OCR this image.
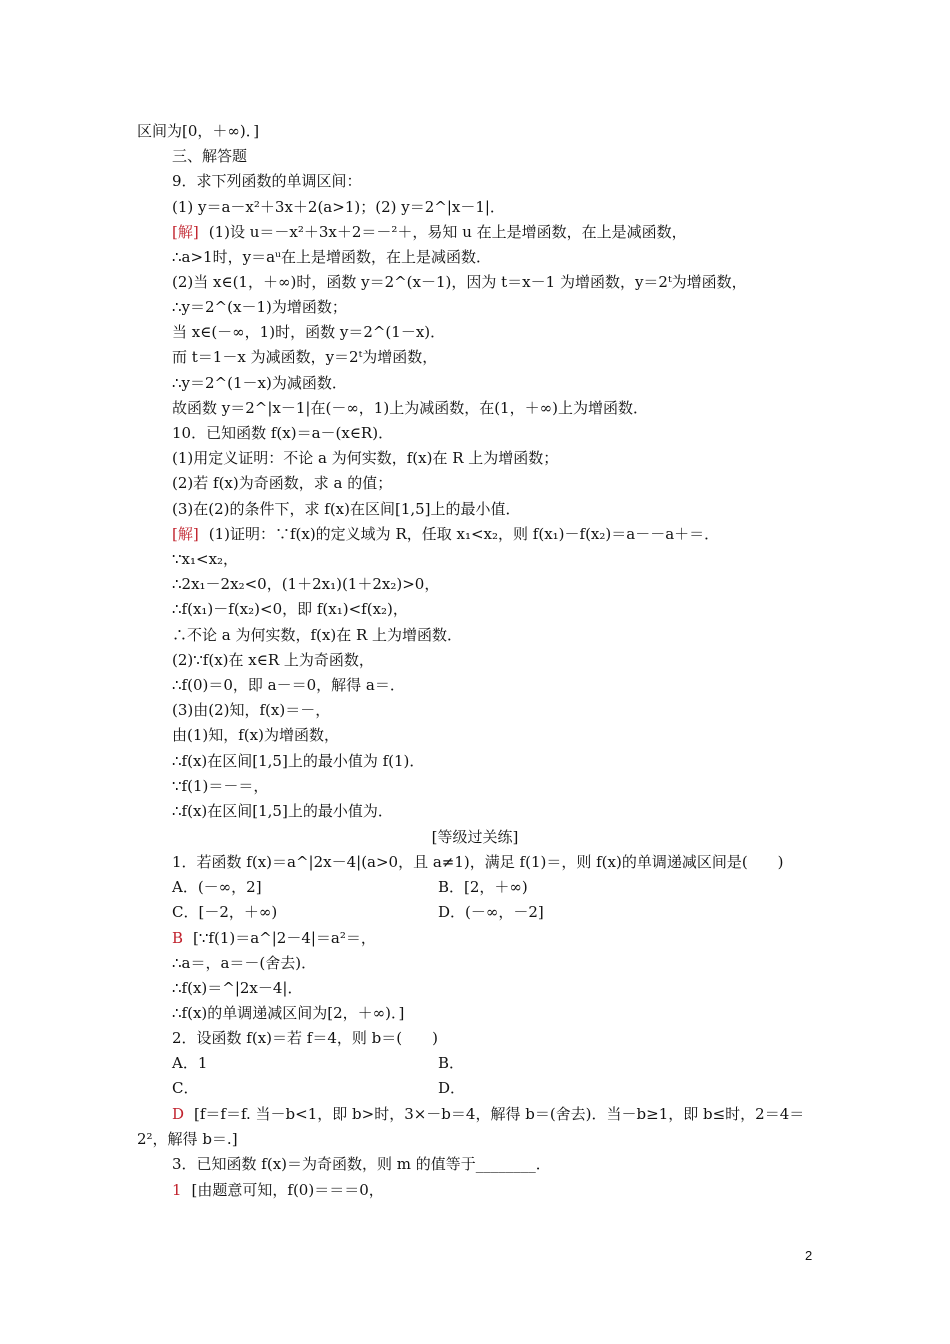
区间为[0，＋∞)．]
三、解答题
9．求下列函数的单调区间：
(1) y＝a－x²＋3x＋2(a>1)；(2) y＝2^|x－1|．
[解] (1)设 u＝－x²＋3x＋2＝－²＋，易知 u 在上是增函数，在上是减函数，
∴a>1时，y＝aᵘ在上是增函数，在上是减函数．
(2)当 x∈(1，＋∞)时，函数 y＝2^(x－1)，因为 t＝x－1 为增函数，y＝2ᵗ为增函数，
∴y＝2^(x－1)为增函数；
当 x∈(－∞，1)时，函数 y＝2^(1－x)．
而 t＝1－x 为减函数，y＝2ᵗ为增函数，
∴y＝2^(1－x)为减函数．
故函数 y＝2^|x－1|在(－∞，1)上为减函数，在(1，＋∞)上为增函数．
10．已知函数 f(x)＝a－(x∈R)．
(1)用定义证明：不论 a 为何实数，f(x)在 R 上为增函数；
(2)若 f(x)为奇函数，求 a 的值；
(3)在(2)的条件下，求 f(x)在区间[1,5]上的最小值．
[解] (1)证明：∵f(x)的定义域为 R，任取 x₁<x₂，则 f(x₁)－f(x₂)＝a－－a＋＝．
∵x₁<x₂，
∴2x₁－2x₂<0，(1＋2x₁)(1＋2x₂)>0，
∴f(x₁)－f(x₂)<0，即 f(x₁)<f(x₂)，
∴不论 a 为何实数，f(x)在 R 上为增函数．
(2)∵f(x)在 x∈R 上为奇函数，
∴f(0)＝0，即 a－＝0，解得 a＝．
(3)由(2)知，f(x)＝－，
由(1)知，f(x)为增函数，
∴f(x)在区间[1,5]上的最小值为 f(1)．
∵f(1)＝－＝，
∴f(x)在区间[1,5]上的最小值为．
1．若函数 f(x)＝a^|2x－4|(a>0，且 a≠1)，满足 f(1)＝，则 f(x)的单调递减区间是(　　)
B [∵f(1)＝a^|2－4|＝a²＝，
∴a＝，a＝－(舍去)．
∴f(x)＝^|2x－4|．
∴f(x)的单调递减区间为[2，＋∞)．]
2．设函数 f(x)＝若 f＝4，则 b＝(　　)
D [f＝f＝f. 当－b<1，即 b>时，3×－b＝4，解得 b＝(舍去)．当－b≥1，即 b≤时，2＝4＝
2²，解得 b＝.]
3．已知函数 f(x)＝为奇函数，则 m 的值等于________．
1 [由题意可知，f(0)＝＝＝0，
[等级过关练]
A．(－∞，2]	B．[2，＋∞)
C．[－2，＋∞)	D．(－∞，－2]
A．1	B．
C．	D．
2
